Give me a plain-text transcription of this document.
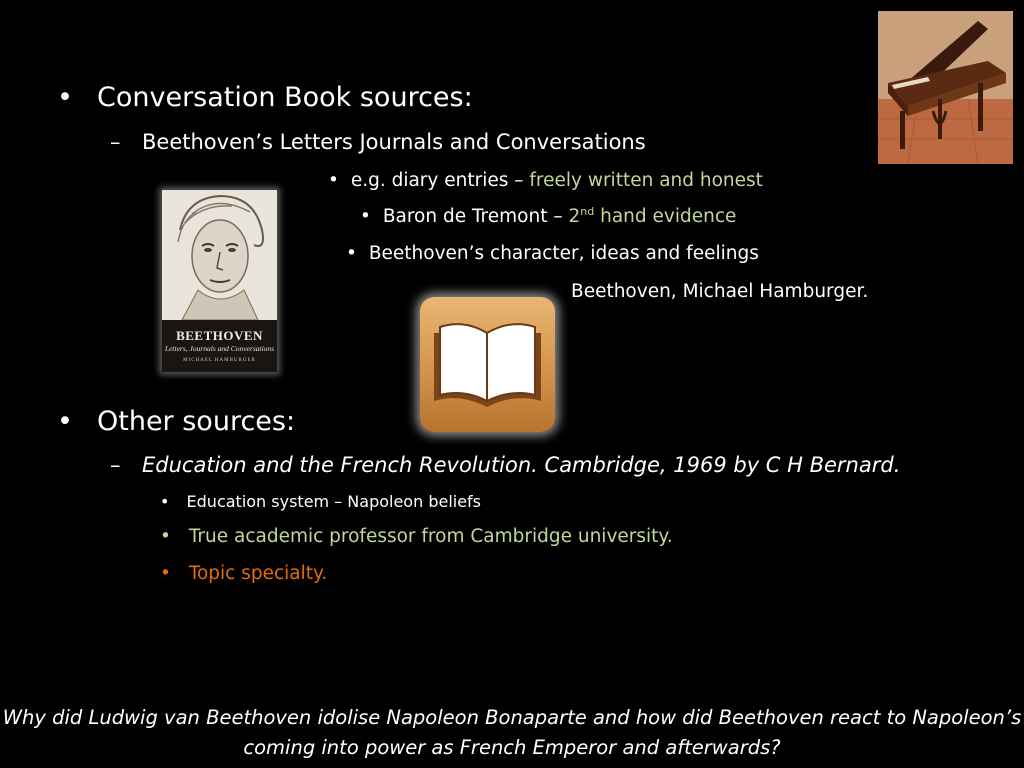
BEETHOVEN
Letters, Journals and Conversations
MICHAEL HAMBURGER
• Conversation Book sources:
– Beethoven’s Letters Journals and Conversations
• e.g. diary entries – freely written and honest
• Baron de Tremont – 2nd hand evidence
• Beethoven’s character, ideas and feelings
Beethoven, Michael Hamburger.
• Other sources:
– Education and the French Revolution. Cambridge, 1969 by C H Bernard.
• Education system – Napoleon beliefs
• True academic professor from Cambridge university.
• Topic specialty.
Why did Ludwig van Beethoven idolise Napoleon Bonaparte and how did Beethoven react to Napoleon’s coming into power as French Emperor and afterwards?
